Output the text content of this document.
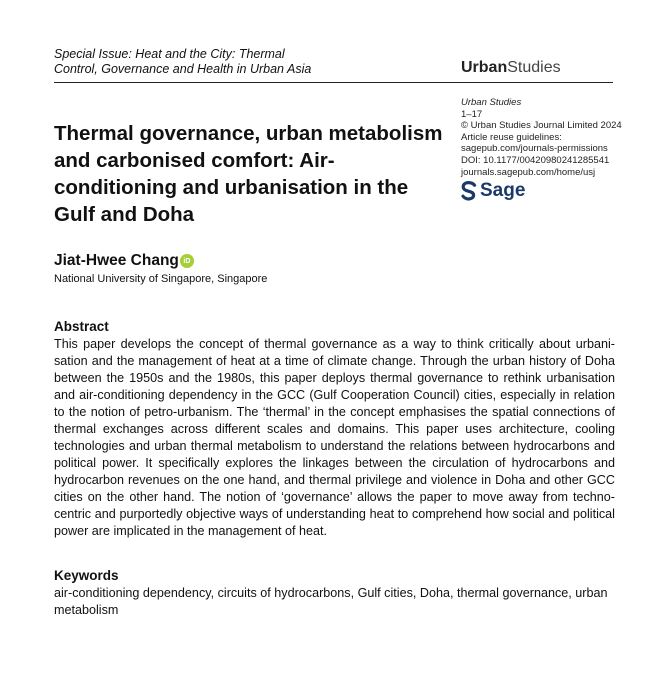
Special Issue: Heat and the City: Thermal
Control, Governance and Health in Urban Asia	UrbanStudies
Urban Studies
1–17
© Urban Studies Journal Limited 2024
Article reuse guidelines:
sagepub.com/journals-permissions
DOI: 10.1177/00420980241285541
journals.sagepub.com/home/usj
Sage
Thermal governance, urban metabolism and carbonised comfort: Air-conditioning and urbanisation in the Gulf and Doha
Jiat-Hwee Chang iD
National University of Singapore, Singapore
Abstract
This paper develops the concept of thermal governance as a way to think critically about urbanisation and the management of heat at a time of climate change. Through the urban history of Doha between the 1950s and the 1980s, this paper deploys thermal governance to rethink urbanisation and air-conditioning dependency in the GCC (Gulf Cooperation Council) cities, especially in relation to the notion of petro-urbanism. The ‘thermal’ in the concept emphasises the spatial connections of thermal exchanges across different scales and domains. This paper uses architecture, cooling technologies and urban thermal metabolism to understand the relations between hydrocarbons and political power. It specifically explores the linkages between the circulation of hydrocarbons and hydrocarbon revenues on the one hand, and thermal privilege and violence in Doha and other GCC cities on the other hand. The notion of ‘governance’ allows the paper to move away from techno-centric and purportedly objective ways of understanding heat to comprehend how social and political power are implicated in the management of heat.
Keywords
air-conditioning dependency, circuits of hydrocarbons, Gulf cities, Doha, thermal governance, urban metabolism
